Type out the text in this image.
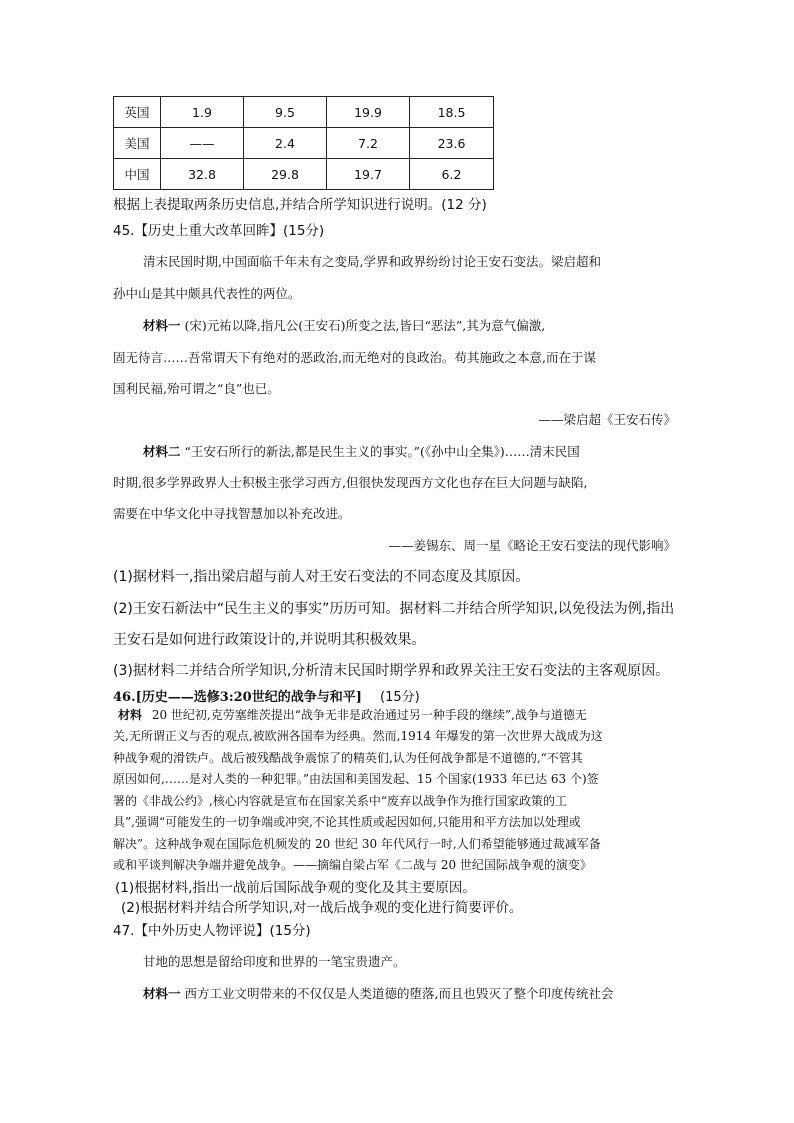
英国	1.9	9.5	19.9	18.5
美国	——	2.4	7.2	23.6
中国	32.8	29.8	19.7	6.2
根据上表提取两条历史信息,并结合所学知识进行说明。(12 分)
45.【历史上重大改革回眸】(15分)
清末民国时期,中国面临千年未有之变局,学界和政界纷纷讨论王安石变法。梁启超和
孙中山是其中颇具代表性的两位。
材料一 (宋)元祐以降,指凡公(王安石)所变之法,皆曰“恶法”,其为意气偏激,
固无待言……吾常谓天下有绝对的恶政治,而无绝对的良政治。苟其施政之本意,而在于谋
国利民福,殆可谓之“良”也已。
——梁启超《王安石传》
材料二 “王安石所行的新法,都是民生主义的事实。”(《孙中山全集》)……清末民国
时期,很多学界政界人士积极主张学习西方,但很快发现西方文化也存在巨大问题与缺陷,
需要在中华文化中寻找智慧加以补充改进。
——姜锡东、周一星《略论王安石变法的现代影响》
(1)据材料一,指出梁启超与前人对王安石变法的不同态度及其原因。
(2)王安石新法中“民生主义的事实”历历可知。据材料二并结合所学知识,以免役法为例,指出
王安石是如何进行政策设计的,并说明其积极效果。
(3)据材料二并结合所学知识,分析清末民国时期学界和政界关注王安石变法的主客观原因。
46.[历史——选修3:20世纪的战争与和平] (15分)
材料 20 世纪初,克劳塞维茨提出“战争无非是政治通过另一种手段的继续”,战争与道德无
关,无所谓正义与否的观点,被欧洲各国奉为经典。然而,1914 年爆发的第一次世界大战成为这
种战争观的滑铁卢。战后被残酷战争震惊了的精英们,认为任何战争都是不道德的,“不管其
原因如何,……是对人类的一种犯罪。”由法国和美国发起、15 个国家(1933 年已达 63 个)签
署的《非战公约》,核心内容就是宣布在国家关系中“废弃以战争作为推行国家政策的工
具”,强调“可能发生的一切争端或冲突,不论其性质或起因如何,只能用和平方法加以处理或
解决”。这种战争观在国际危机频发的 20 世纪 30 年代风行一时,人们希望能够通过裁减军备
或和平谈判解决争端并避免战争。——摘编自梁占军《二战与 20 世纪国际战争观的演变》
(1)根据材料,指出一战前后国际战争观的变化及其主要原因。
(2)根据材料并结合所学知识,对一战后战争观的变化进行简要评价。
47.【中外历史人物评说】(15分)
甘地的思想是留给印度和世界的一笔宝贵遗产。
材料一 西方工业文明带来的不仅仅是人类道德的堕落,而且也毁灭了整个印度传统社会
